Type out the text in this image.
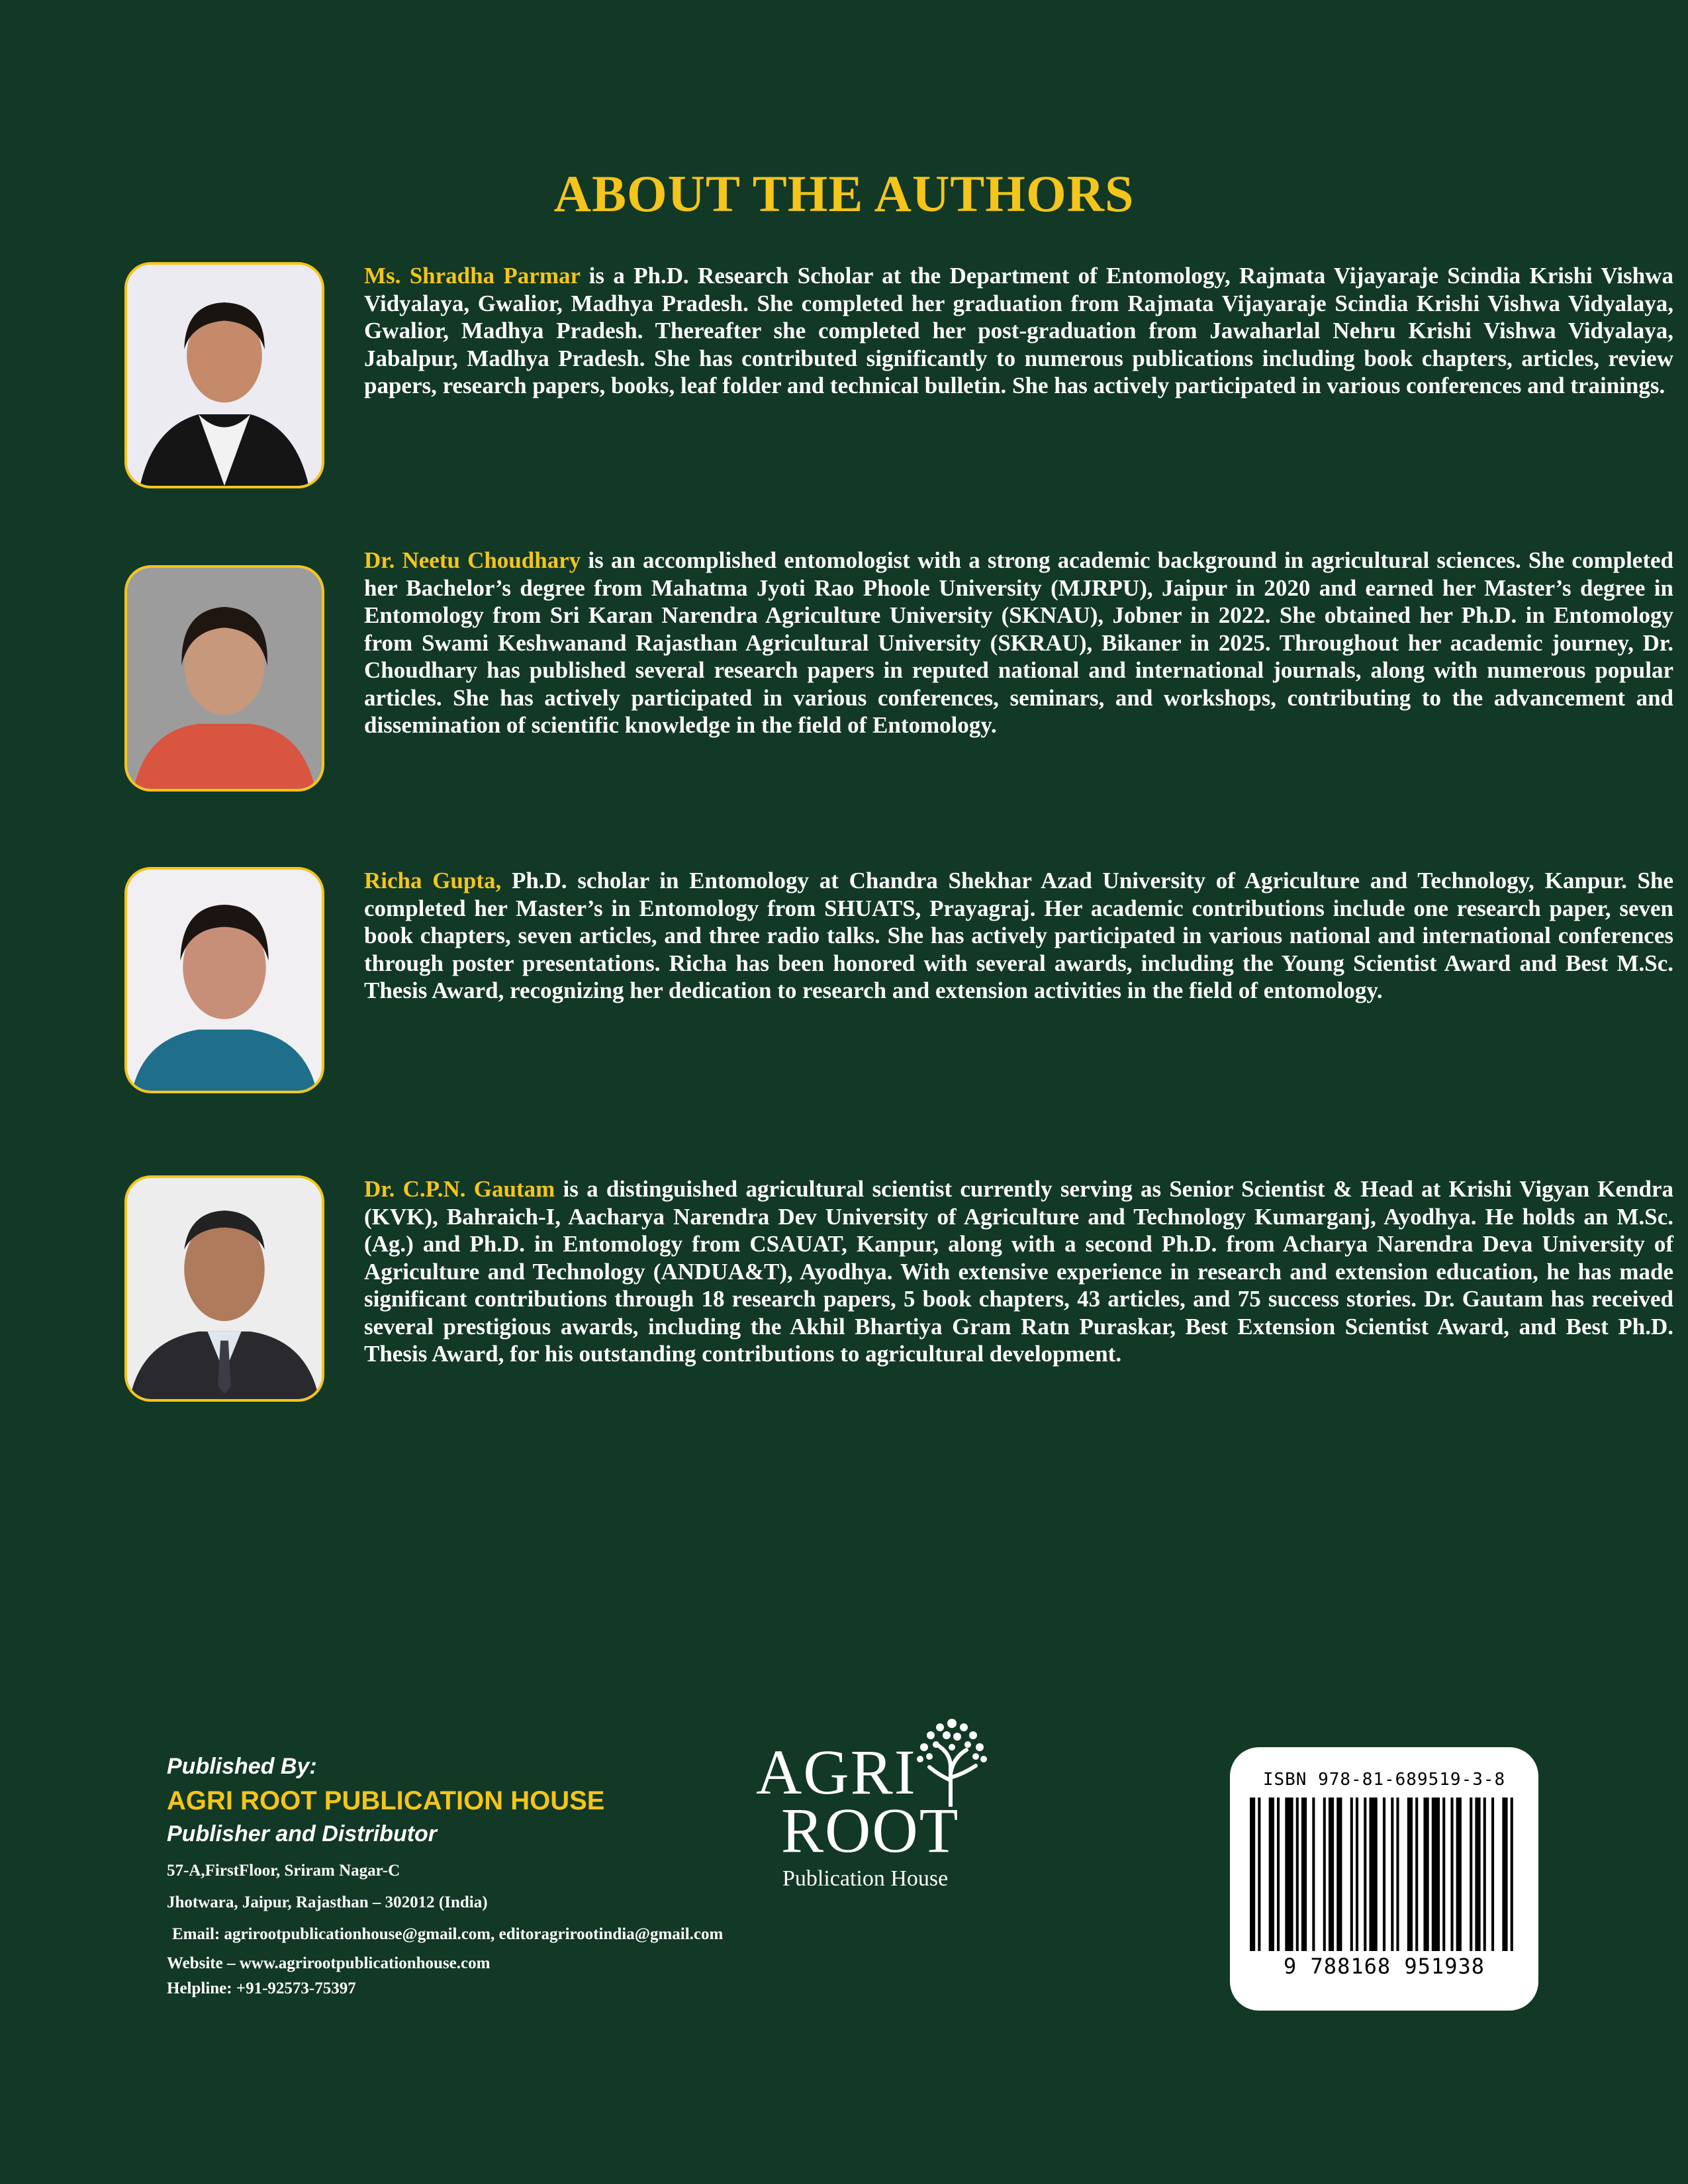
ABOUT THE AUTHORS

Ms. Shradha Parmar is a Ph.D. Research Scholar at the Department of Entomology, Rajmata Vijayaraje Scindia Krishi Vishwa Vidyalaya, Gwalior, Madhya Pradesh. She completed her graduation from Rajmata Vijayaraje Scindia Krishi Vishwa Vidyalaya, Gwalior, Madhya Pradesh. Thereafter she completed her post-graduation from Jawaharlal Nehru Krishi Vishwa Vidyalaya, Jabalpur, Madhya Pradesh. She has contributed significantly to numerous publications including book chapters, articles, review papers, research papers, books, leaf folder and technical bulletin. She has actively participated in various conferences and trainings.

Dr. Neetu Choudhary is an accomplished entomologist with a strong academic background in agricultural sciences. She completed her Bachelor’s degree from Mahatma Jyoti Rao Phoole University (MJRPU), Jaipur in 2020 and earned her Master’s degree in Entomology from Sri Karan Narendra Agriculture University (SKNAU), Jobner in 2022. She obtained her Ph.D. in Entomology from Swami Keshwanand Rajasthan Agricultural University (SKRAU), Bikaner in 2025. Throughout her academic journey, Dr. Choudhary has published several research papers in reputed national and international journals, along with numerous popular articles. She has actively participated in various conferences, seminars, and workshops, contributing to the advancement and dissemination of scientific knowledge in the field of Entomology.

Richa Gupta, Ph.D. scholar in Entomology at Chandra Shekhar Azad University of Agriculture and Technology, Kanpur. She completed her Master’s in Entomology from SHUATS, Prayagraj. Her academic contributions include one research paper, seven book chapters, seven articles, and three radio talks. She has actively participated in various national and international conferences through poster presentations. Richa has been honored with several awards, including the Young Scientist Award and Best M.Sc. Thesis Award, recognizing her dedication to research and extension activities in the field of entomology.

Dr. C.P.N. Gautam is a distinguished agricultural scientist currently serving as Senior Scientist & Head at Krishi Vigyan Kendra (KVK), Bahraich-I, Aacharya Narendra Dev University of Agriculture and Technology Kumarganj, Ayodhya. He holds an M.Sc. (Ag.) and Ph.D. in Entomology from CSAUAT, Kanpur, along with a second Ph.D. from Acharya Narendra Deva University of Agriculture and Technology (ANDUA&T), Ayodhya. With extensive experience in research and extension education, he has made significant contributions through 18 research papers, 5 book chapters, 43 articles, and 75 success stories. Dr. Gautam has received several prestigious awards, including the Akhil Bhartiya Gram Ratn Puraskar, Best Extension Scientist Award, and Best Ph.D. Thesis Award, for his outstanding contributions to agricultural development.

Published By:
AGRI ROOT PUBLICATION HOUSE
Publisher and Distributor
57-A,FirstFloor, Sriram Nagar-C
Jhotwara, Jaipur, Rajasthan – 302012 (India)
Email: agrirootpublicationhouse@gmail.com, editoragrirootindia@gmail.com
Website – www.agrirootpublicationhouse.com
Helpline: +91-92573-75397
AGRI
ROOT
Publication House
ISBN 978-81-689519-3-8
9 788168 951938
